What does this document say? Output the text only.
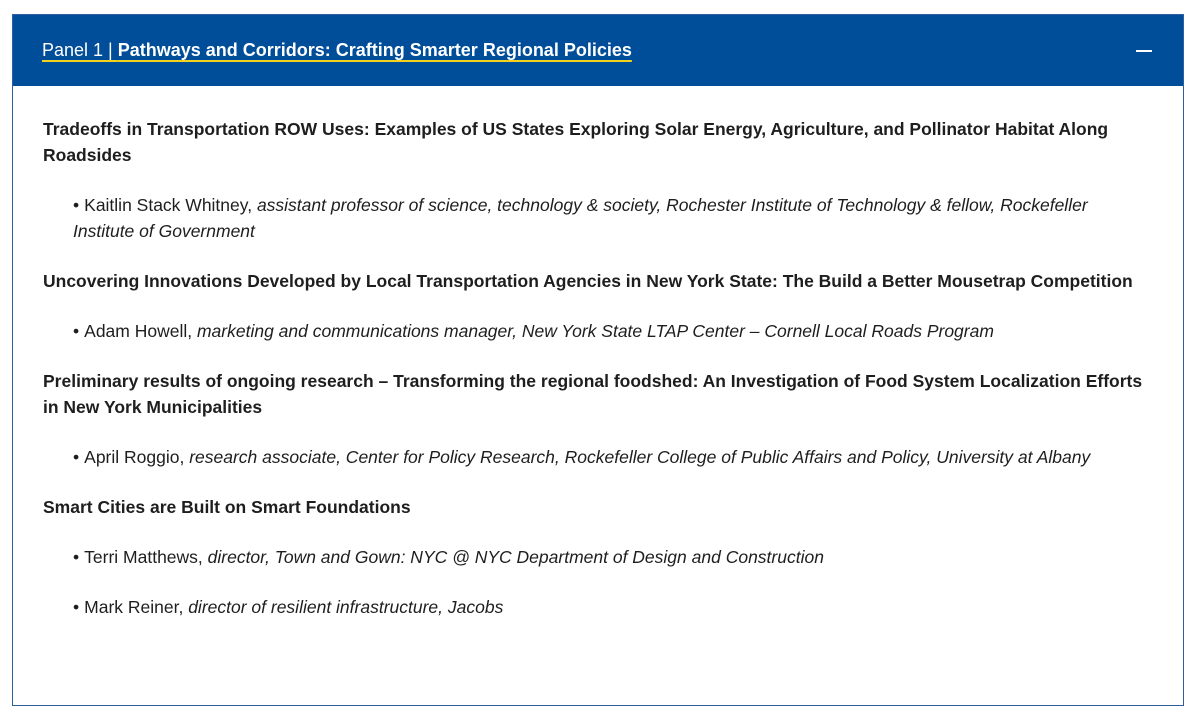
Panel 1 | Pathways and Corridors: Crafting Smarter Regional Policies

Tradeoffs in Transportation ROW Uses: Examples of US States Exploring Solar Energy, Agriculture, and Pollinator Habitat Along Roadsides

• Kaitlin Stack Whitney, assistant professor of science, technology & society, Rochester Institute of Technology & fellow, Rockefeller Institute of Government

Uncovering Innovations Developed by Local Transportation Agencies in New York State: The Build a Better Mousetrap Competition

• Adam Howell, marketing and communications manager, New York State LTAP Center – Cornell Local Roads Program

Preliminary results of ongoing research – Transforming the regional foodshed: An Investigation of Food System Localization Efforts in New York Municipalities

• April Roggio, research associate, Center for Policy Research, Rockefeller College of Public Affairs and Policy, University at Albany

Smart Cities are Built on Smart Foundations

• Terri Matthews, director, Town and Gown: NYC @ NYC Department of Design and Construction

• Mark Reiner, director of resilient infrastructure, Jacobs
